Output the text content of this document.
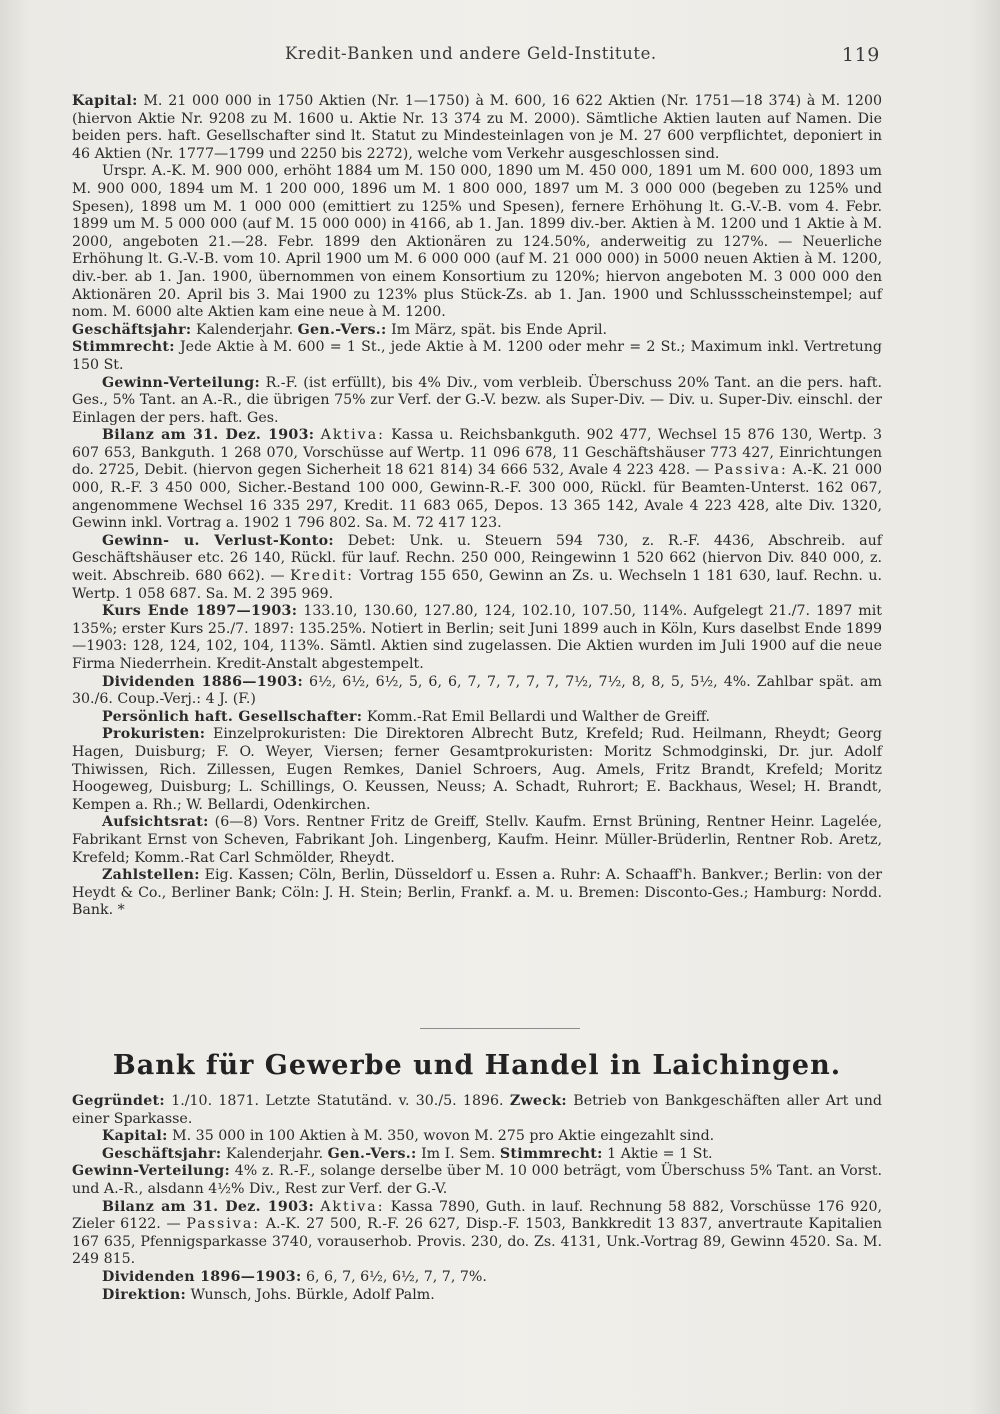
Kredit-Banken und andere Geld-Institute.	119

Kapital: M. 21 000 000 in 1750 Aktien (Nr. 1—1750) à M. 600, 16 622 Aktien (Nr. 1751—18 374) à M. 1200 (hiervon Aktie Nr. 9208 zu M. 1600 u. Aktie Nr. 13 374 zu M. 2000). Sämtliche Aktien lauten auf Namen. Die beiden pers. haft. Gesellschafter sind lt. Statut zu Mindesteinlagen von je M. 27 600 verpflichtet, deponiert in 46 Aktien (Nr. 1777—1799 und 2250 bis 2272), welche vom Verkehr ausgeschlossen sind.

Urspr. A.-K. M. 900 000, erhöht 1884 um M. 150 000, 1890 um M. 450 000, 1891 um M. 600 000, 1893 um M. 900 000, 1894 um M. 1 200 000, 1896 um M. 1 800 000, 1897 um M. 3 000 000 (begeben zu 125% und Spesen), 1898 um M. 1 000 000 (emittiert zu 125% und Spesen), fernere Erhöhung lt. G.-V.-B. vom 4. Febr. 1899 um M. 5 000 000 (auf M. 15 000 000) in 4166, ab 1. Jan. 1899 div.-ber. Aktien à M. 1200 und 1 Aktie à M. 2000, angeboten 21.—28. Febr. 1899 den Aktionären zu 124.50%, anderweitig zu 127%. — Neuerliche Erhöhung lt. G.-V.-B. vom 10. April 1900 um M. 6 000 000 (auf M. 21 000 000) in 5000 neuen Aktien à M. 1200, div.-ber. ab 1. Jan. 1900, übernommen von einem Konsortium zu 120%; hiervon angeboten M. 3 000 000 den Aktionären 20. April bis 3. Mai 1900 zu 123% plus Stück-Zs. ab 1. Jan. 1900 und Schlussscheinstempel; auf nom. M. 6000 alte Aktien kam eine neue à M. 1200.

Geschäftsjahr: Kalenderjahr. Gen.-Vers.: Im März, spät. bis Ende April.

Stimmrecht: Jede Aktie à M. 600 = 1 St., jede Aktie à M. 1200 oder mehr = 2 St.; Maximum inkl. Vertretung 150 St.

Gewinn-Verteilung: R.-F. (ist erfüllt), bis 4% Div., vom verbleib. Überschuss 20% Tant. an die pers. haft. Ges., 5% Tant. an A.-R., die übrigen 75% zur Verf. der G.-V. bezw. als Super-Div. — Div. u. Super-Div. einschl. der Einlagen der pers. haft. Ges.

Bilanz am 31. Dez. 1903: Aktiva: Kassa u. Reichsbankguth. 902 477, Wechsel 15 876 130, Wertp. 3 607 653, Bankguth. 1 268 070, Vorschüsse auf Wertp. 11 096 678, 11 Geschäftshäuser 773 427, Einrichtungen do. 2725, Debit. (hiervon gegen Sicherheit 18 621 814) 34 666 532, Avale 4 223 428. — Passiva: A.-K. 21 000 000, R.-F. 3 450 000, Sicher.-Bestand 100 000, Gewinn-R.-F. 300 000, Rückl. für Beamten-Unterst. 162 067, angenommene Wechsel 16 335 297, Kredit. 11 683 065, Depos. 13 365 142, Avale 4 223 428, alte Div. 1320, Gewinn inkl. Vortrag a. 1902 1 796 802. Sa. M. 72 417 123.

Gewinn- u. Verlust-Konto: Debet: Unk. u. Steuern 594 730, z. R.-F. 4436, Abschreib. auf Geschäftshäuser etc. 26 140, Rückl. für lauf. Rechn. 250 000, Reingewinn 1 520 662 (hiervon Div. 840 000, z. weit. Abschreib. 680 662). — Kredit: Vortrag 155 650, Gewinn an Zs. u. Wechseln 1 181 630, lauf. Rechn. u. Wertp. 1 058 687. Sa. M. 2 395 969.

Kurs Ende 1897—1903: 133.10, 130.60, 127.80, 124, 102.10, 107.50, 114%. Aufgelegt 21./7. 1897 mit 135%; erster Kurs 25./7. 1897: 135.25%. Notiert in Berlin; seit Juni 1899 auch in Köln, Kurs daselbst Ende 1899—1903: 128, 124, 102, 104, 113%. Sämtl. Aktien sind zugelassen. Die Aktien wurden im Juli 1900 auf die neue Firma Niederrhein. Kredit-Anstalt abgestempelt.

Dividenden 1886—1903: 6½, 6½, 6½, 5, 6, 6, 7, 7, 7, 7, 7, 7½, 7½, 8, 8, 5, 5½, 4%. Zahlbar spät. am 30./6. Coup.-Verj.: 4 J. (F.)

Persönlich haft. Gesellschafter: Komm.-Rat Emil Bellardi und Walther de Greiff.

Prokuristen: Einzelprokuristen: Die Direktoren Albrecht Butz, Krefeld; Rud. Heilmann, Rheydt; Georg Hagen, Duisburg; F. O. Weyer, Viersen; ferner Gesamtprokuristen: Moritz Schmodginski, Dr. jur. Adolf Thiwissen, Rich. Zillessen, Eugen Remkes, Daniel Schroers, Aug. Amels, Fritz Brandt, Krefeld; Moritz Hoogeweg, Duisburg; L. Schillings, O. Keussen, Neuss; A. Schadt, Ruhrort; E. Backhaus, Wesel; H. Brandt, Kempen a. Rh.; W. Bellardi, Odenkirchen.

Aufsichtsrat: (6—8) Vors. Rentner Fritz de Greiff, Stellv. Kaufm. Ernst Brüning, Rentner Heinr. Lagelée, Fabrikant Ernst von Scheven, Fabrikant Joh. Lingenberg, Kaufm. Heinr. Müller-Brüderlin, Rentner Rob. Aretz, Krefeld; Komm.-Rat Carl Schmölder, Rheydt.

Zahlstellen: Eig. Kassen; Cöln, Berlin, Düsseldorf u. Essen a. Ruhr: A. Schaaff'h. Bankver.; Berlin: von der Heydt & Co., Berliner Bank; Cöln: J. H. Stein; Berlin, Frankf. a. M. u. Bremen: Disconto-Ges.; Hamburg: Nordd. Bank. *

Bank für Gewerbe und Handel in Laichingen.

Gegründet: 1./10. 1871. Letzte Statutänd. v. 30./5. 1896. Zweck: Betrieb von Bankgeschäften aller Art und einer Sparkasse.

Kapital: M. 35 000 in 100 Aktien à M. 350, wovon M. 275 pro Aktie eingezahlt sind.

Geschäftsjahr: Kalenderjahr. Gen.-Vers.: Im I. Sem. Stimmrecht: 1 Aktie = 1 St.

Gewinn-Verteilung: 4% z. R.-F., solange derselbe über M. 10 000 beträgt, vom Überschuss 5% Tant. an Vorst. und A.-R., alsdann 4½% Div., Rest zur Verf. der G.-V.

Bilanz am 31. Dez. 1903: Aktiva: Kassa 7890, Guth. in lauf. Rechnung 58 882, Vorschüsse 176 920, Zieler 6122. — Passiva: A.-K. 27 500, R.-F. 26 627, Disp.-F. 1503, Bankkredit 13 837, anvertraute Kapitalien 167 635, Pfennigsparkasse 3740, vorauserhob. Provis. 230, do. Zs. 4131, Unk.-Vortrag 89, Gewinn 4520. Sa. M. 249 815.

Dividenden 1896—1903: 6, 6, 7, 6½, 6½, 7, 7, 7%.

Direktion: Wunsch, Johs. Bürkle, Adolf Palm.
